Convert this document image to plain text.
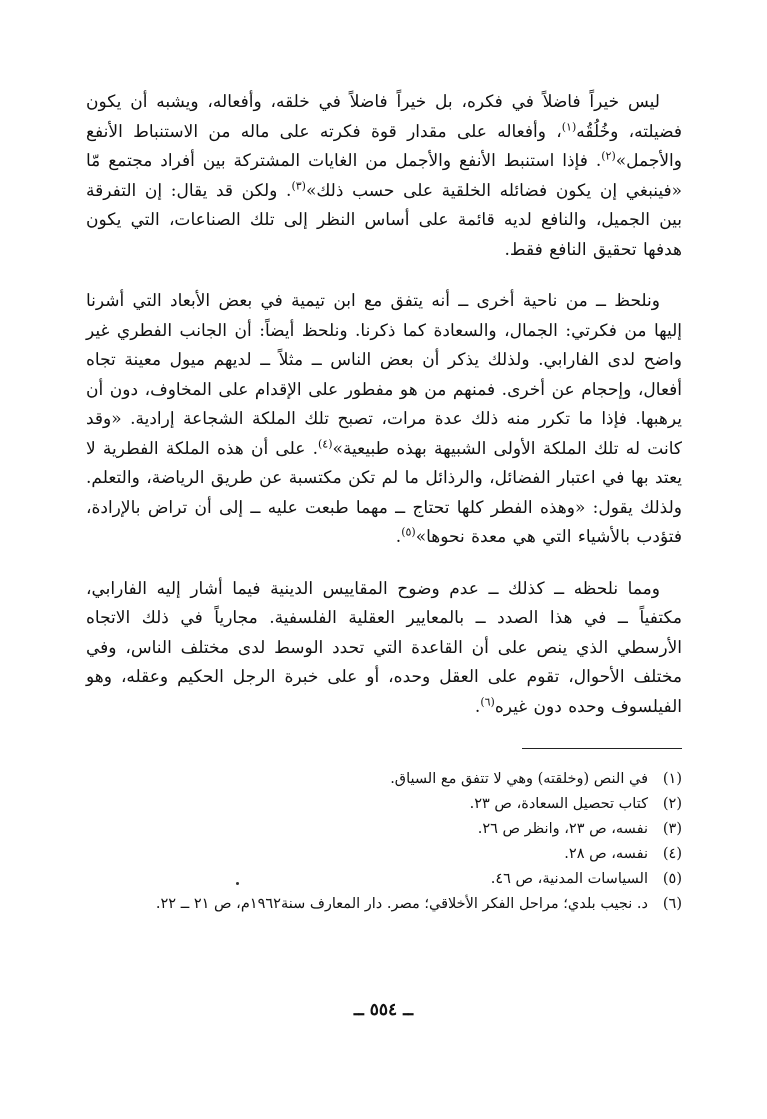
ليس خيراً فاضلاً في فكره، بل خيراً فاضلاً في خلقه، وأفعاله، ويشبه أن يكون فضيلته، وخُلُقُه$^{(١)}$، وأفعاله على مقدار قوة فكرته على ماله من الاستنباط الأنفع والأجمل»$^{(٢)}$. فإذا استنبط الأنفع والأجمل من الغايات المشتركة بين أفراد مجتمع مّا «فينبغي إن يكون فضائله الخلقية على حسب ذلك»$^{(٣)}$. ولكن قد يقال: إن التفرقة بين الجميل، والنافع لديه قائمة على أساس النظر إلى تلك الصناعات، التي يكون هدفها تحقيق النافع فقط.

ونلحظ ــ من ناحية أخرى ــ أنه يتفق مع ابن تيمية في بعض الأبعاد التي أشرنا إليها من فكرتي: الجمال، والسعادة كما ذكرنا. ونلحظ أيضاً: أن الجانب الفطري غير واضح لدى الفارابي. ولذلك يذكر أن بعض الناس ــ مثلاً ــ لديهم ميول معينة تجاه أفعال، وإحجام عن أخرى. فمنهم من هو مفطور على الإقدام على المخاوف، دون أن يرهبها. فإذا ما تكرر منه ذلك عدة مرات، تصبح تلك الملكة الشجاعة إرادية. «وقد كانت له تلك الملكة الأولى الشبيهة بهذه طبيعية»$^{(٤)}$. على أن هذه الملكة الفطرية لا يعتد بها في اعتبار الفضائل، والرذائل ما لم تكن مكتسبة عن طريق الرياضة، والتعلم. ولذلك يقول: «وهذه الفطر كلها تحتاج ــ مهما طبعت عليه ــ إلى أن تراض بالإرادة، فتؤدب بالأشياء التي هي معدة نحوها»$^{(٥)}$.

ومما نلحظه ــ كذلك ــ عدم وضوح المقاييس الدينية فيما أشار إليه الفارابي، مكتفياً ــ في هذا الصدد ــ بالمعايير العقلية الفلسفية. مجارياً في ذلك الاتجاه الأرسطي الذي ينص على أن القاعدة التي تحدد الوسط لدى مختلف الناس، وفي مختلف الأحوال، تقوم على العقل وحده، أو على خبرة الرجل الحكيم وعقله، وهو الفيلسوف وحده دون غيره$^{(٦)}$.

(١)
في النص (وخلقته) وهي لا تتفق مع السياق.
(٢)
كتاب تحصيل السعادة، ص ٢٣.
(٣)
نفسه، ص ٢٣، وانظر ص ٢٦.
(٤)
نفسه، ص ٢٨.
(٥)
السياسات المدنية، ص ٤٦.
(٦)
د. نجيب بلدي؛ مراحل الفكر الأخلاقي؛ مصر. دار المعارف سنة١٩٦٢م، ص ٢١ ــ ٢٢.
ــ ٥٥٤ ــ
